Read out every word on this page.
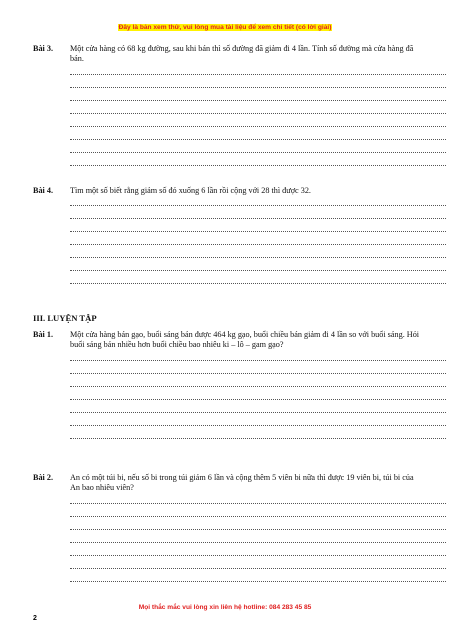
Đây là bản xem thử, vui lòng mua tài liệu để xem chi tiết (có lời giải)
Bài 3. Một cửa hàng có 68 kg đường, sau khi bán thì số đường đã giảm đi 4 lần. Tính số đường mà cửa hàng đã bán.
Bài 4. Tìm một số biết rằng giảm số đó xuống 6 lần rồi cộng với 28 thì được 32.
III. LUYỆN TẬP
Bài 1. Một cửa hàng bán gạo, buổi sáng bán được 464 kg gạo, buổi chiều bán giảm đi 4 lần so với buổi sáng. Hỏi buổi sáng bán nhiều hơn buổi chiều bao nhiêu ki – lô – gam gạo?
Bài 2. An có một túi bi, nếu số bi trong túi giảm 6 lần và cộng thêm 5 viên bi nữa thì được 19 viên bi, túi bi của An bao nhiêu viên?
Mọi thắc mắc vui lòng xin liên hệ hotline: 084 283 45 85
2
